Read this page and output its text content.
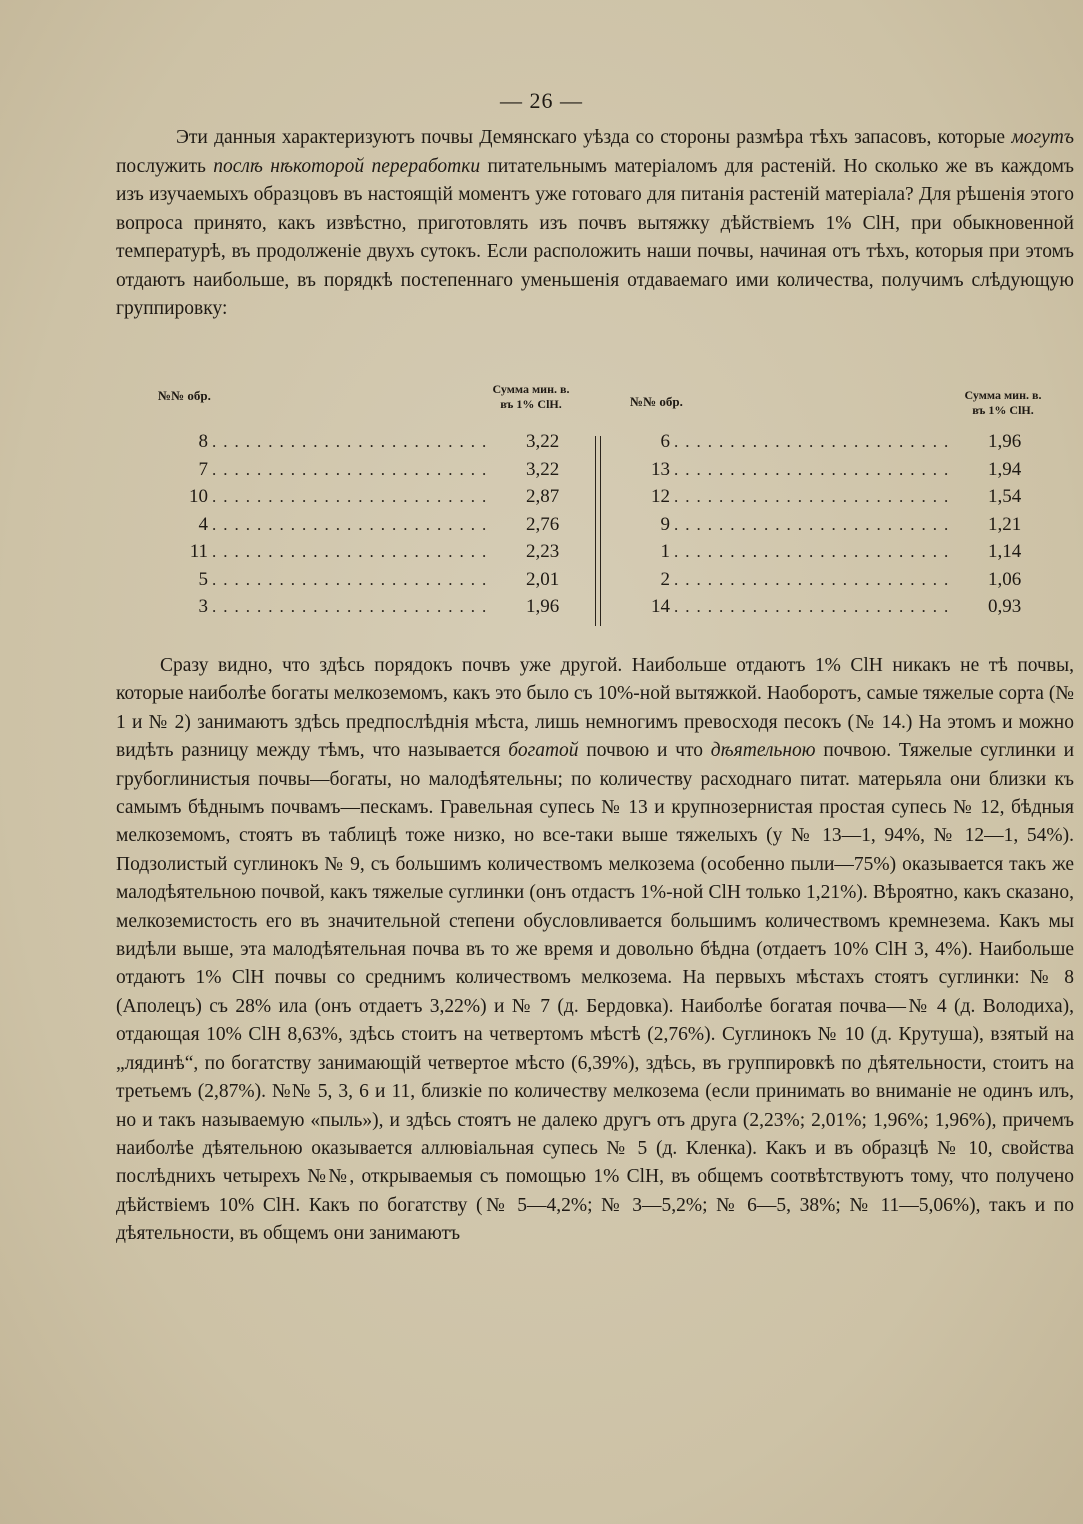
— 26 —

Эти данныя характеризуютъ почвы Демянскаго уѣзда со стороны размѣра тѣхъ запасовъ, которые могутъ послужить послѣ нѣкоторой переработки питательнымъ матеріаломъ для растеній. Но сколько же въ каждомъ изъ изучаемыхъ образцовъ въ настоящій моментъ уже готоваго для питанія растеній матеріала? Для рѣшенія этого вопроса принято, какъ извѣстно, приготовлять изъ почвъ вытяжку дѣйствіемъ 1% СlН, при обыкновенной температурѣ, въ продолженіе двухъ сутокъ. Если расположить наши почвы, начиная отъ тѣхъ, которыя при этомъ отдаютъ наибольше, въ порядкѣ постепеннаго уменьшенія отдаваемаго ими количества, получимъ слѣдующую группировку:

№№ обр.	Сумма мин. в.
въ 1% СlН.
8 .........................	3,22
7 .........................	3,22
10 .........................	2,87
4 .........................	2,76
11 .........................	2,23
5 .........................	2,01
3 .........................	1,96
№№ обр.	Сумма мин. в.
въ 1% СlН.
6 .........................	1,96
13 .........................	1,94
12 .........................	1,54
9 .........................	1,21
1 .........................	1,14
2 .........................	1,06
14 .........................	0,93

Сразу видно, что здѣсь порядокъ почвъ уже другой. Наибольше отдаютъ 1% СlН никакъ не тѣ почвы, которые наиболѣе богаты мелкоземомъ, какъ это было съ 10%-ной вытяжкой. Наоборотъ, самые тяжелые сорта (№ 1 и № 2) занимаютъ здѣсь предпослѣднія мѣста, лишь немногимъ превосходя песокъ (№ 14.) На этомъ и можно видѣть разницу между тѣмъ, что называется богатой почвою и что дѣятельною почвою. Тяжелые суглинки и грубоглинистыя почвы—богаты, но малодѣятельны; по количеству расходнаго питат. матерьяла они близки къ самымъ бѣднымъ почвамъ—пескамъ. Гравельная супесь № 13 и крупнозернистая простая супесь № 12, бѣдныя мелкоземомъ, стоятъ въ таблицѣ тоже низко, но все-таки выше тяжелыхъ (у № 13—1, 94%, № 12—1, 54%). Подзолистый суглинокъ № 9, съ большимъ количествомъ мелкозема (особенно пыли—75%) оказывается такъ же малодѣятельною почвой, какъ тяжелые суглинки (онъ отдастъ 1%-ной СlН только 1,21%). Вѣроятно, какъ сказано, мелкоземистость его въ значительной степени обусловливается большимъ количествомъ кремнезема. Какъ мы видѣли выше, эта малодѣятельная почва въ то же время и довольно бѣдна (отдаетъ 10% СlН 3, 4%). Наибольше отдаютъ 1% СlН почвы со среднимъ количествомъ мелкозема. На первыхъ мѣстахъ стоятъ суглинки: № 8 (Аполецъ) съ 28% ила (онъ отдаетъ 3,22%) и № 7 (д. Бердовка). Наиболѣе богатая почва—№ 4 (д. Володиха), отдающая 10% СlН 8,63%, здѣсь стоитъ на четвертомъ мѣстѣ (2,76%). Суглинокъ № 10 (д. Крутуша), взятый на „лядинѣ“, по богатству занимающій четвертое мѣсто (6,39%), здѣсь, въ группировкѣ по дѣятельности, стоитъ на третьемъ (2,87%). №№ 5, 3, 6 и 11, близкіе по количеству мелкозема (если принимать во вниманіе не одинъ илъ, но и такъ называемую «пыль»), и здѣсь стоятъ не далеко другъ отъ друга (2,23%; 2,01%; 1,96%; 1,96%), причемъ наиболѣе дѣятельною оказывается аллювіальная супесь № 5 (д. Кленка). Какъ и въ образцѣ № 10, свойства послѣднихъ четырехъ №№, открываемыя съ помощью 1% СlН, въ общемъ соотвѣтствуютъ тому, что получено дѣйствіемъ 10% СlН. Какъ по богатству (№ 5—4,2%; № 3—5,2%; № 6—5, 38%; № 11—5,06%), такъ и по дѣятельности, въ общемъ они занимаютъ
